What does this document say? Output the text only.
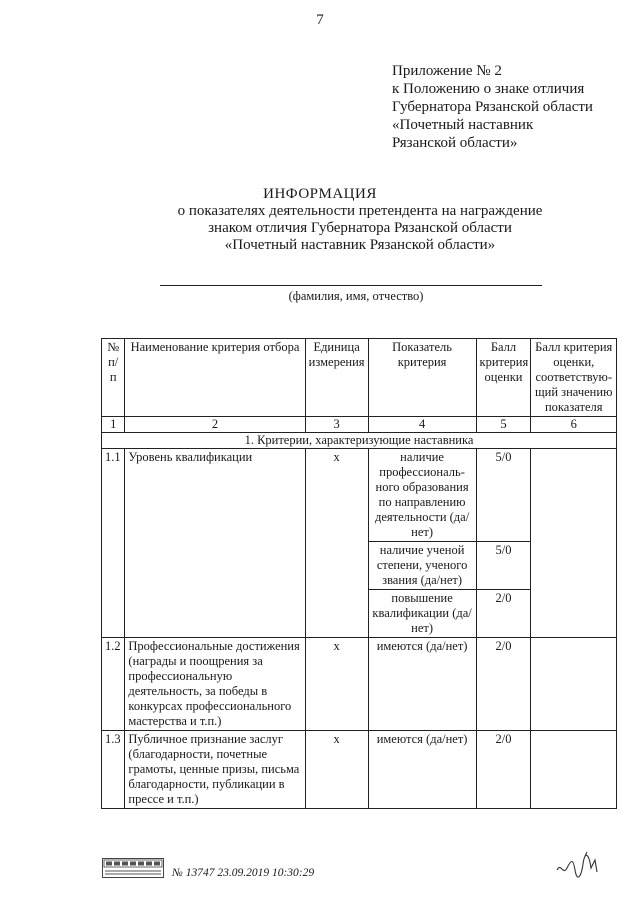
7
Приложение № 2
к Положению о знаке отличия
Губернатора Рязанской области
«Почетный наставник
Рязанской области»
ИНФОРМАЦИЯ
о показателях деятельности претендента на награждение
знаком отличия Губернатора Рязанской области
«Почетный наставник Рязанской области»
(фамилия, имя, отчество)
№ п/п	Наименование критерия отбора	Единица измерения	Показатель критерия	Балл критерия оценки	Балл критерия оценки, соответствую-щий значению показателя
1	2	3	4	5	6
1. Критерии, характеризующие наставника					
1.1	Уровень квалификации	x	наличие профессиональ-ного образования по направлению деятельности (да/нет)	5/0	
			наличие ученой степени, ученого звания (да/нет)	5/0	
			повышение квалификации (да/нет)	2/0	
1.2	Профессиональные достижения (награды и поощрения за профессиональную деятельность, за победы в конкурсах профессионального мастерства и т.п.)	x	имеются (да/нет)	2/0	
1.3	Публичное признание заслуг (благодарности, почетные грамоты, ценные призы, письма благодарности, публикации в прессе и т.п.)	x	имеются (да/нет)	2/0	
№ 13747 23.09.2019 10:30:29
